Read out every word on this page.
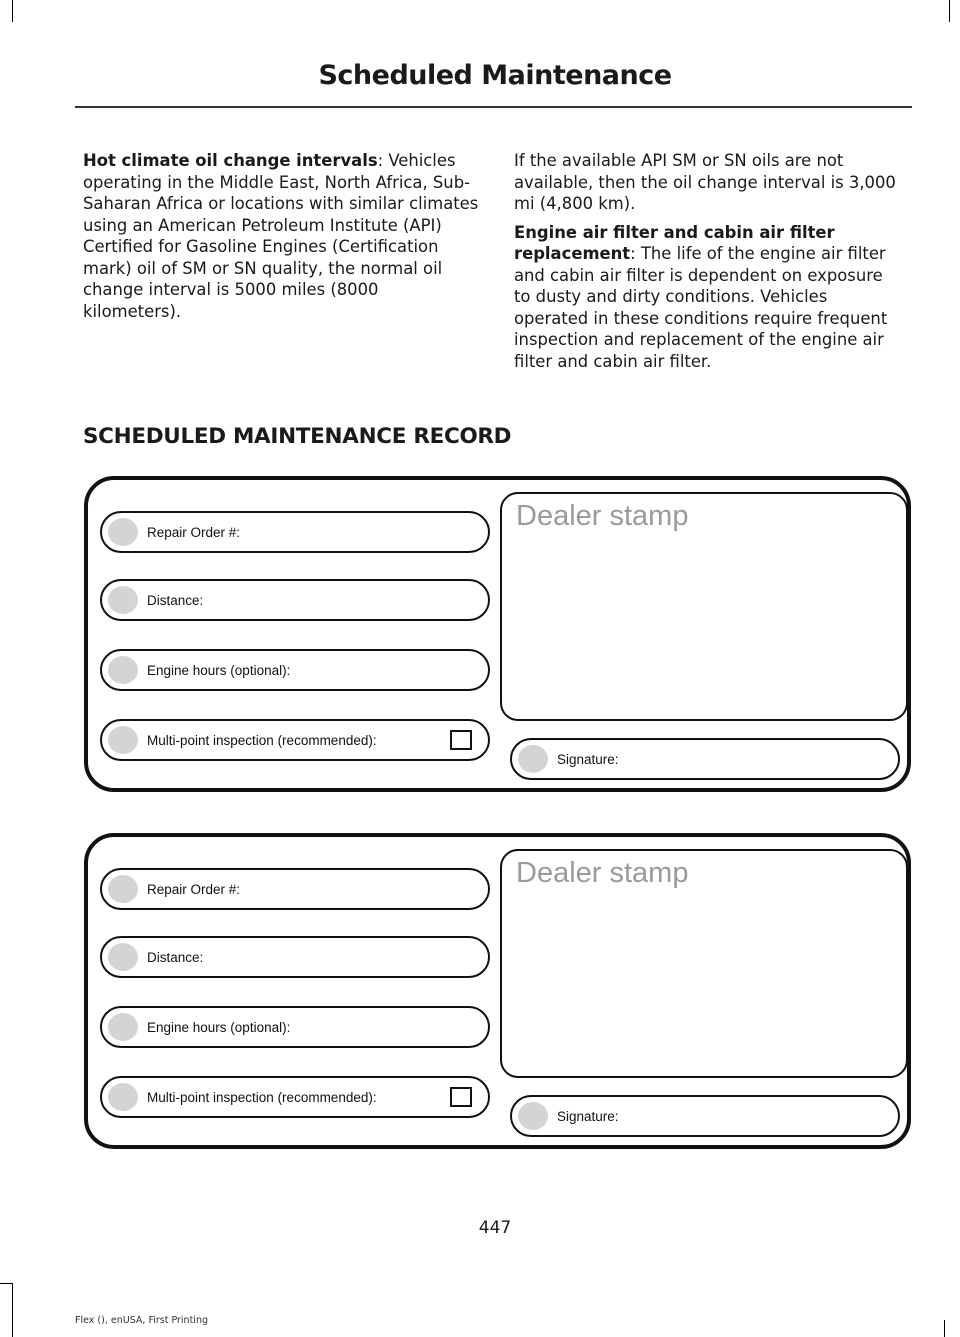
Scheduled Maintenance

Hot climate oil change intervals: Vehicles operating in the Middle East, North Africa, Sub-Saharan Africa or locations with similar climates using an American Petroleum Institute (API) Certified for Gasoline Engines (Certification mark) oil of SM or SN quality, the normal oil change interval is 5000 miles (8000 kilometers).

If the available API SM or SN oils are not available, then the oil change interval is 3,000 mi (4,800 km).

Engine air filter and cabin air filter replacement: The life of the engine air filter and cabin air filter is dependent on exposure to dusty and dirty conditions. Vehicles operated in these conditions require frequent inspection and replacement of the engine air filter and cabin air filter.

SCHEDULED MAINTENANCE RECORD
Repair Order #:
Distance:
Engine hours (optional):
Multi-point inspection (recommended):
Dealer stamp
Signature:
Repair Order #:
Distance:
Engine hours (optional):
Multi-point inspection (recommended):
Dealer stamp
Signature:
447
Flex (), enUSA, First Printing
